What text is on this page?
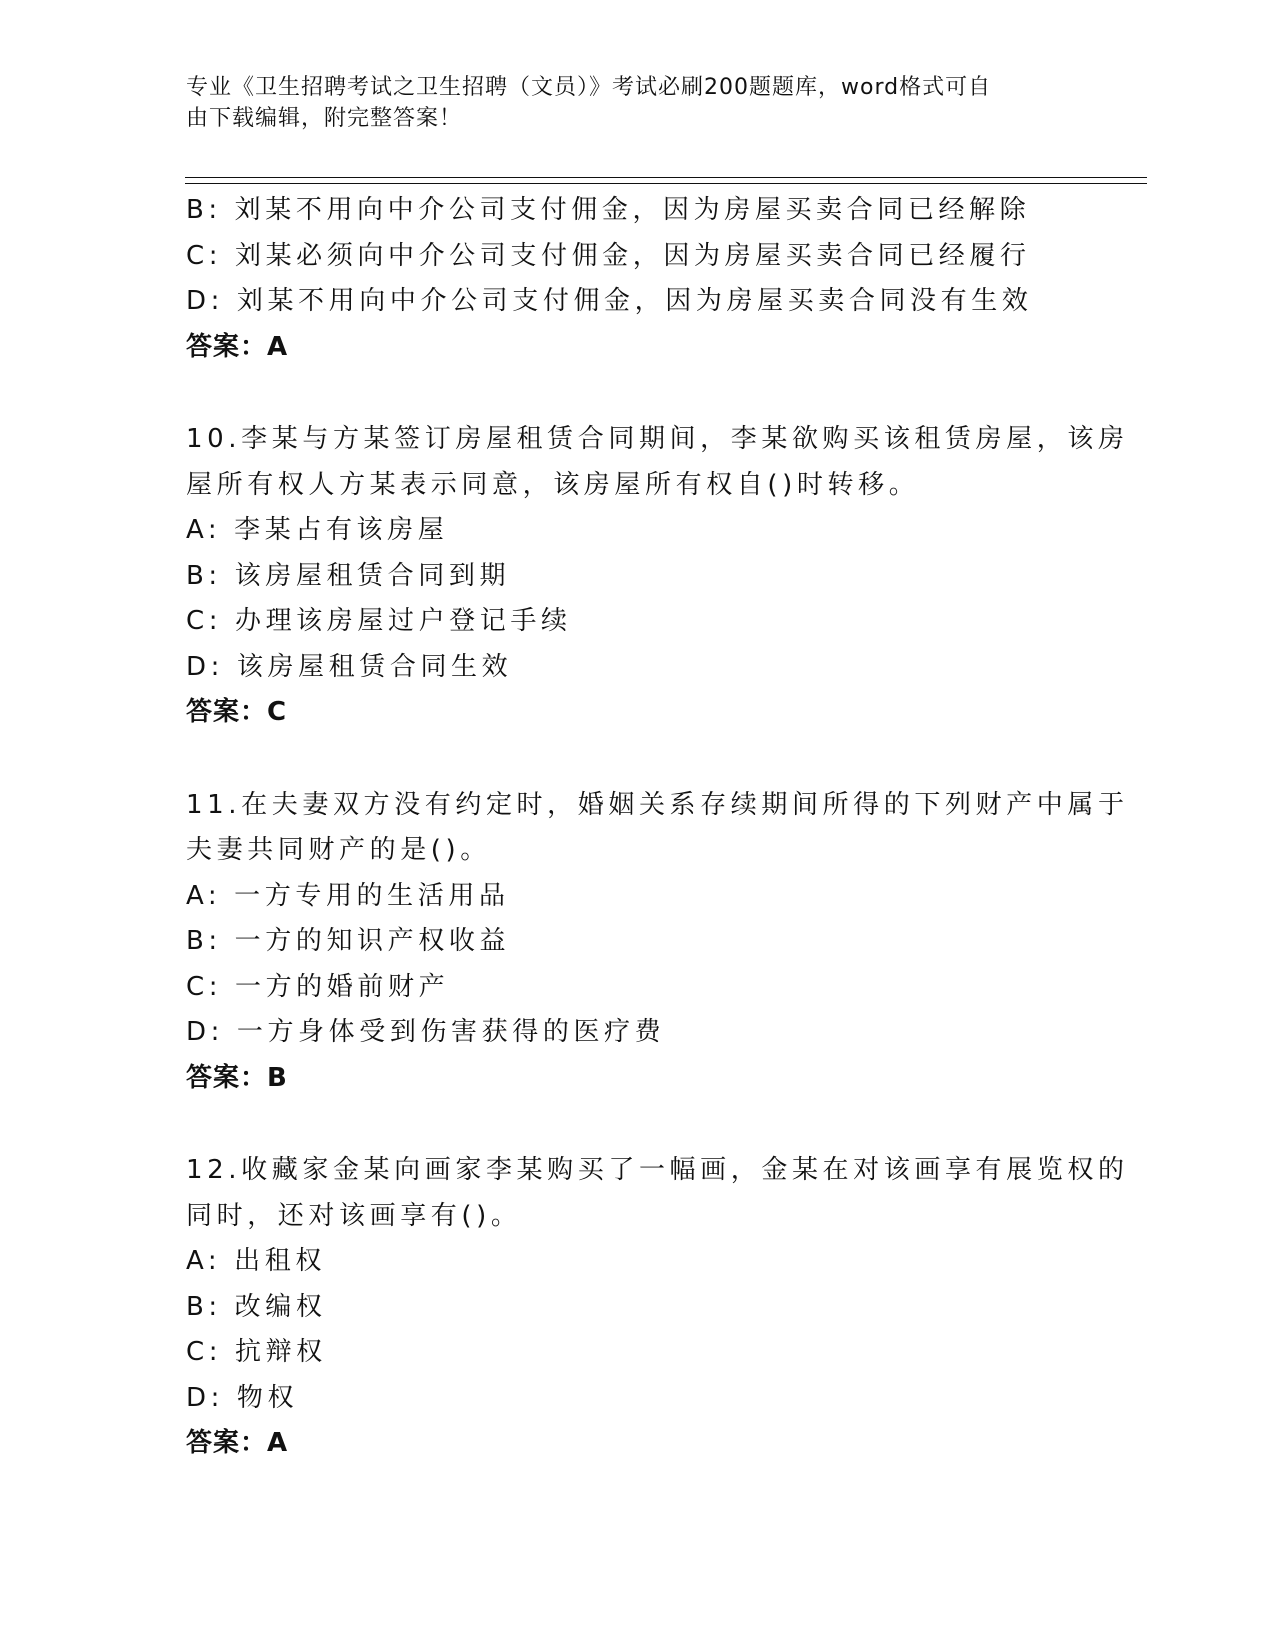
专业《卫生招聘考试之卫生招聘（文员）》考试必刷200题题库，word格式可自
由下载编辑，附完整答案！
B: 刘某不用向中介公司支付佣金，因为房屋买卖合同已经解除
C: 刘某必须向中介公司支付佣金，因为房屋买卖合同已经履行
D: 刘某不用向中介公司支付佣金，因为房屋买卖合同没有生效
答案：A
10.李某与方某签订房屋租赁合同期间，李某欲购买该租赁房屋，该房
屋所有权人方某表示同意，该房屋所有权自()时转移。
A: 李某占有该房屋
B: 该房屋租赁合同到期
C: 办理该房屋过户登记手续
D: 该房屋租赁合同生效
答案：C
11.在夫妻双方没有约定时，婚姻关系存续期间所得的下列财产中属于
夫妻共同财产的是()。
A: 一方专用的生活用品
B: 一方的知识产权收益
C: 一方的婚前财产
D: 一方身体受到伤害获得的医疗费
答案：B
12.收藏家金某向画家李某购买了一幅画，金某在对该画享有展览权的
同时，还对该画享有()。
A: 出租权
B: 改编权
C: 抗辩权
D: 物权
答案：A
